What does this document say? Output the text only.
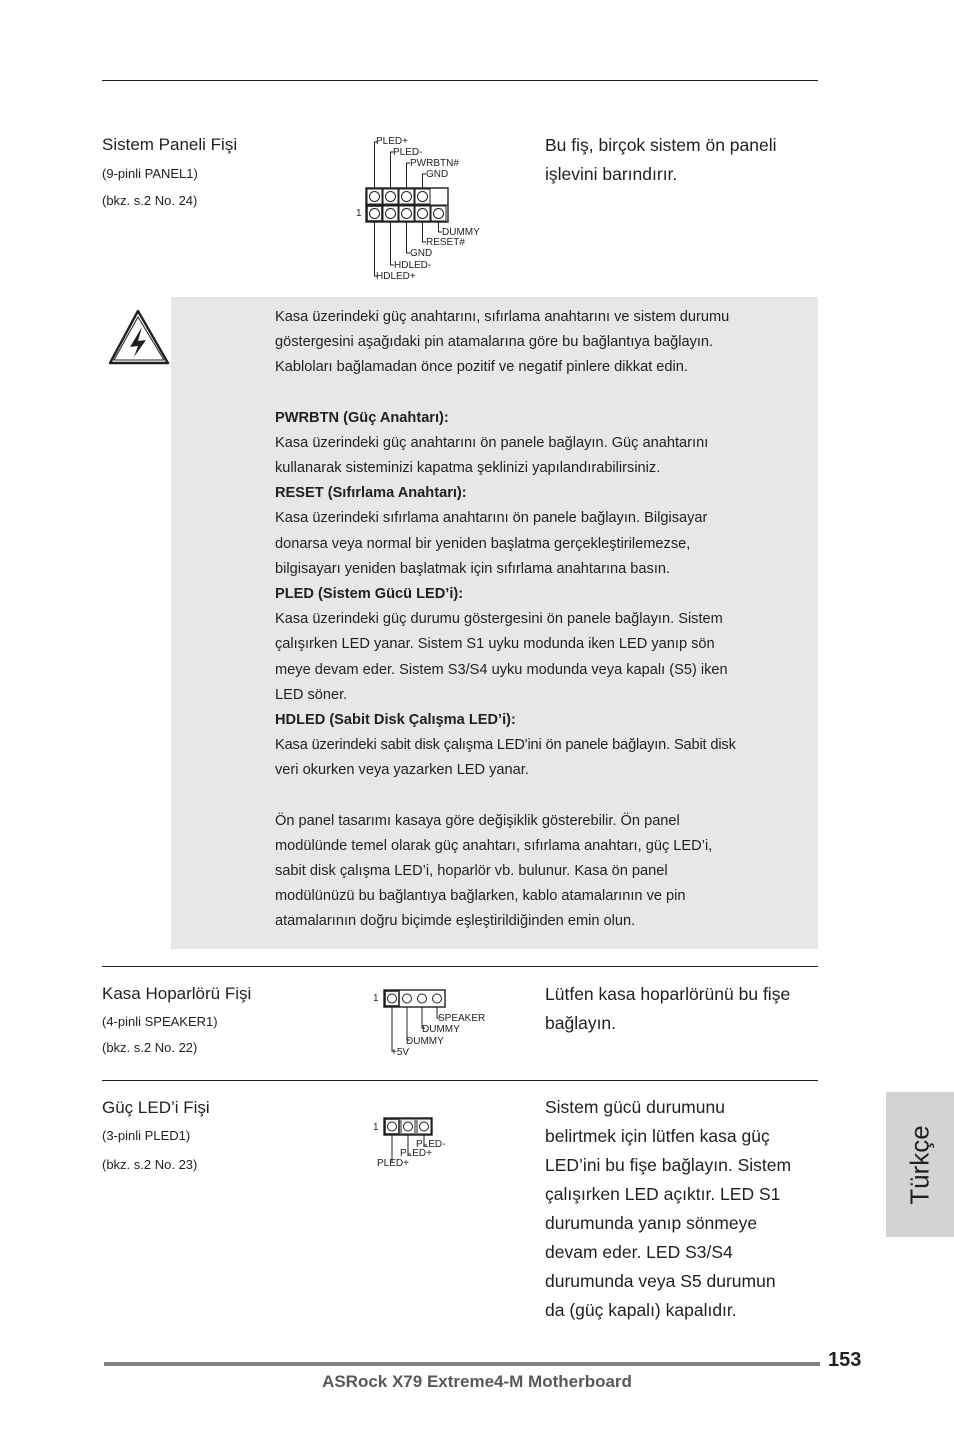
Sistem Paneli Fişi
(9-pinli PANEL1)
(bkz. s.2 No. 24)
Bu fiş, birçok sistem ön paneli
işlevini barındırır.
PLED+
PLED-
PWRBTN#
GND
1
DUMMY
RESET#
GND
HDLED-
HDLED+

Kasa üzerindeki güç anahtarını, sıfırlama anahtarını ve sistem durumu

göstergesini aşağıdaki pin atamalarına göre bu bağlantıya bağlayın.

Kabloları bağlamadan önce pozitif ve negatif pinlere dikkat edin.

PWRBTN (Güç Anahtarı):

Kasa üzerindeki güç anahtarını ön panele bağlayın. Güç anahtarını

kullanarak sisteminizi kapatma şeklinizi yapılandırabilirsiniz.

RESET (Sıfırlama Anahtarı):

Kasa üzerindeki sıfırlama anahtarını ön panele bağlayın. Bilgisayar

donarsa veya normal bir yeniden başlatma gerçekleştirilemezse,

bilgisayarı yeniden başlatmak için sıfırlama anahtarına basın.

PLED (Sistem Gücü LED’i):

Kasa üzerindeki güç durumu göstergesini ön panele bağlayın. Sistem

çalışırken LED yanar. Sistem S1 uyku modunda iken LED yanıp sön

meye devam eder. Sistem S3/S4 uyku modunda veya kapalı (S5) iken

LED söner.

HDLED (Sabit Disk Çalışma LED’i):

Kasa üzerindeki sabit disk çalışma LED'ini ön panele bağlayın. Sabit disk

veri okurken veya yazarken LED yanar.

Ön panel tasarımı kasaya göre değişiklik gösterebilir. Ön panel

modülünde temel olarak güç anahtarı, sıfırlama anahtarı, güç LED’i,

sabit disk çalışma LED’i, hoparlör vb. bulunur. Kasa ön panel

modülünüzü bu bağlantıya bağlarken, kablo atamalarının ve pin

atamalarının doğru biçimde eşleştirildiğinden emin olun.

Kasa Hoparlörü Fişi
(4-pinli SPEAKER1)
(bkz. s.2 No. 22)
Lütfen kasa hoparlörünü bu fişe
bağlayın.
1
SPEAKER
DUMMY
DUMMY
+5V
Güç LED’i Fişi
(3-pinli PLED1)
(bkz. s.2 No. 23)
Sistem gücü durumunu
belirtmek için lütfen kasa güç
LED’ini bu fişe bağlayın. Sistem
çalışırken LED açıktır. LED S1
durumunda yanıp sönmeye
devam eder. LED S3/S4
durumunda veya S5 durumun
da (güç kapalı) kapalıdır.
1
PLED-
PLED+
PLED+	Türkçe
153
ASRock X79 Extreme4-M Motherboard
